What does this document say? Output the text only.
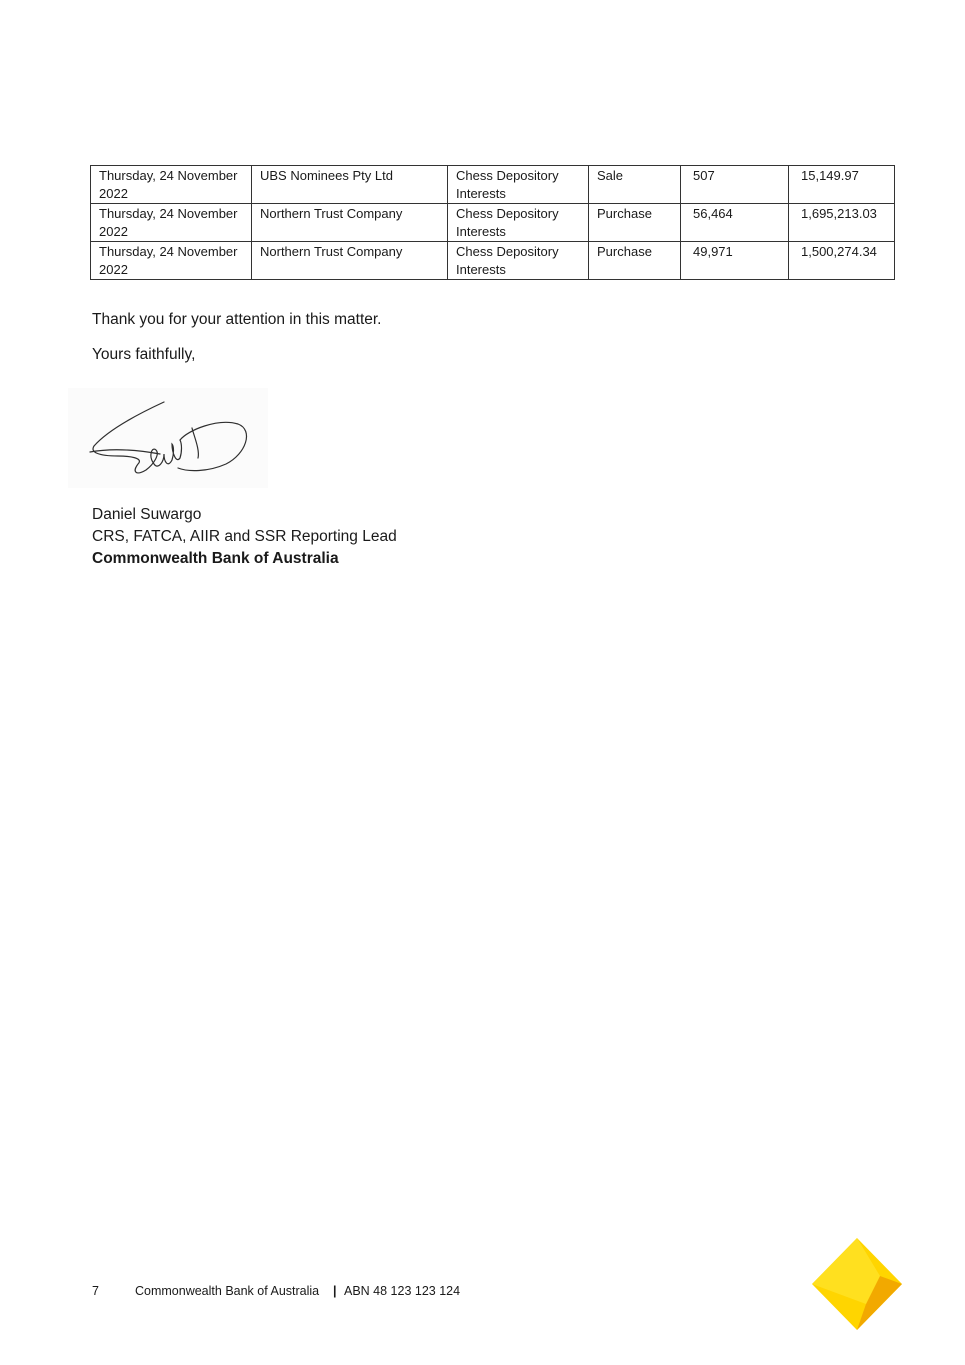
Thursday, 24 November 2022	UBS Nominees Pty Ltd	Chess Depository Interests	Sale	507	15,149.97
Thursday, 24 November 2022	Northern Trust Company	Chess Depository Interests	Purchase	56,464	1,695,213.03
Thursday, 24 November 2022	Northern Trust Company	Chess Depository Interests	Purchase	49,971	1,500,274.34
Thank you for your attention in this matter.
Yours faithfully,
Daniel Suwargo
CRS, FATCA, AIIR and SSR Reporting Lead
Commonwealth Bank of Australia
7	Commonwealth Bank of Australia | ABN 48 123 123 124
